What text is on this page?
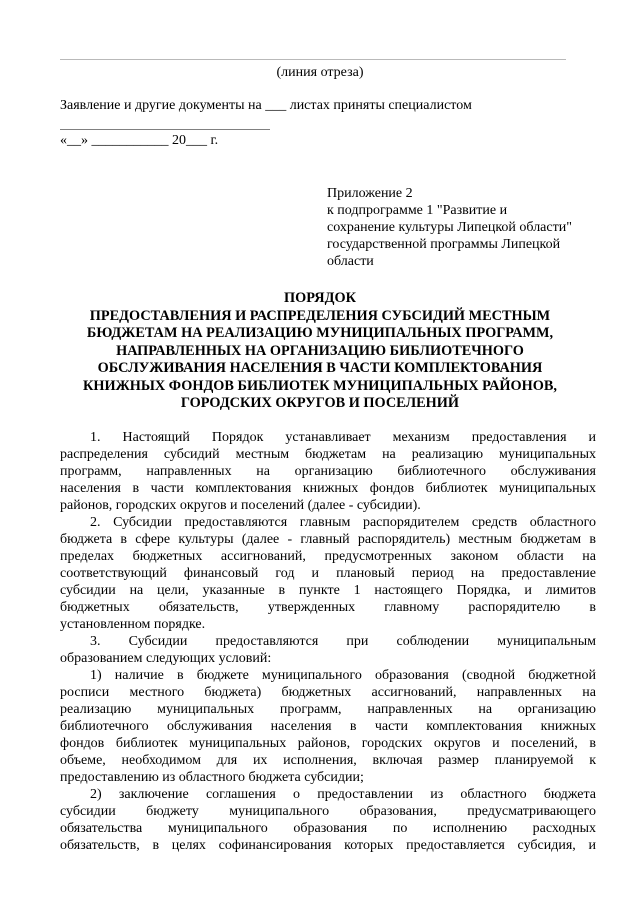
(линия отреза)
Заявление и другие документы на ___ листах приняты специалистом
«__» ___________ 20___ г.
Приложение 2
к подпрограмме 1 "Развитие и
сохранение культуры Липецкой области"
государственной программы Липецкой
области
ПОРЯДОК
ПРЕДОСТАВЛЕНИЯ И РАСПРЕДЕЛЕНИЯ СУБСИДИЙ МЕСТНЫМ
БЮДЖЕТАМ НА РЕАЛИЗАЦИЮ МУНИЦИПАЛЬНЫХ ПРОГРАММ,
НАПРАВЛЕННЫХ НА ОРГАНИЗАЦИЮ БИБЛИОТЕЧНОГО
ОБСЛУЖИВАНИЯ НАСЕЛЕНИЯ В ЧАСТИ КОМПЛЕКТОВАНИЯ
КНИЖНЫХ ФОНДОВ БИБЛИОТЕК МУНИЦИПАЛЬНЫХ РАЙОНОВ,
ГОРОДСКИХ ОКРУГОВ И ПОСЕЛЕНИЙ
1. Настоящий Порядок устанавливает механизм предоставления и
распределения субсидий местным бюджетам на реализацию муниципальных
программ, направленных на организацию библиотечного обслуживания
населения в части комплектования книжных фондов библиотек муниципальных
районов, городских округов и поселений (далее - субсидии).
2. Субсидии предоставляются главным распорядителем средств областного
бюджета в сфере культуры (далее - главный распорядитель) местным бюджетам в
пределах бюджетных ассигнований, предусмотренных законом области на
соответствующий финансовый год и плановый период на предоставление
субсидии на цели, указанные в пункте 1 настоящего Порядка, и лимитов
бюджетных обязательств, утвержденных главному распорядителю в
установленном порядке.
3. Субсидии предоставляются при соблюдении муниципальным
образованием следующих условий:
1) наличие в бюджете муниципального образования (сводной бюджетной
росписи местного бюджета) бюджетных ассигнований, направленных на
реализацию муниципальных программ, направленных на организацию
библиотечного обслуживания населения в части комплектования книжных
фондов библиотек муниципальных районов, городских округов и поселений, в
объеме, необходимом для их исполнения, включая размер планируемой к
предоставлению из областного бюджета субсидии;
2) заключение соглашения о предоставлении из областного бюджета
субсидии бюджету муниципального образования, предусматривающего
обязательства муниципального образования по исполнению расходных
обязательств, в целях софинансирования которых предоставляется субсидия, и
